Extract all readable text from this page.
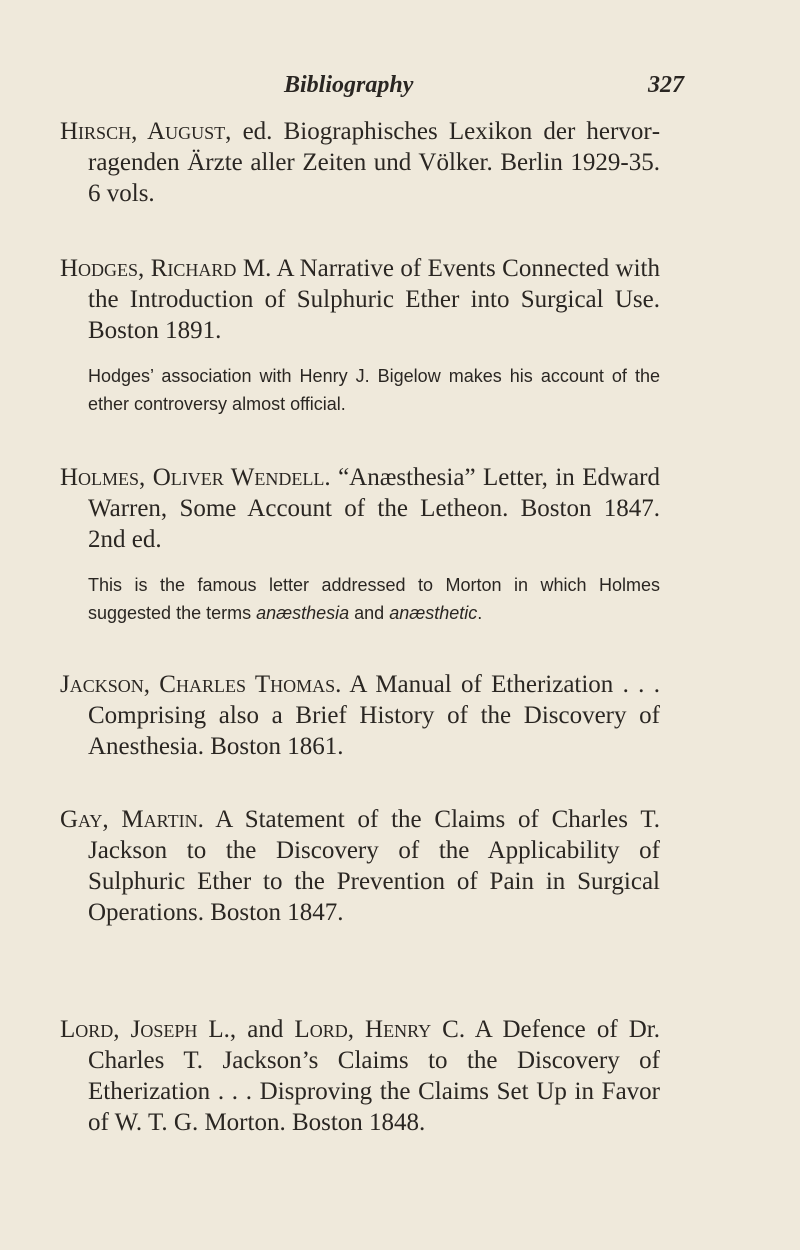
Bibliography	327

Hirsch, August, ed. Biographisches Lexikon der hervorragenden Ärzte aller Zeiten und Völker. Berlin 1929-35. 6 vols.

Hodges, Richard M. A Narrative of Events Connected with the Introduction of Sulphuric Ether into Surgical Use. Boston 1891.

Hodges’ association with Henry J. Bigelow makes his account of the ether controversy almost official.

Holmes, Oliver Wendell. “Anæsthesia” Letter, in Edward Warren, Some Account of the Letheon. Boston 1847. 2nd ed.

This is the famous letter addressed to Morton in which Holmes suggested the terms anæsthesia and anæsthetic.

Jackson, Charles Thomas. A Manual of Etherization . . . Comprising also a Brief History of the Discovery of Anesthesia. Boston 1861.

Gay, Martin. A Statement of the Claims of Charles T. Jackson to the Discovery of the Applicability of Sulphuric Ether to the Prevention of Pain in Surgical Operations. Boston 1847.

Lord, Joseph L., and Lord, Henry C. A Defence of Dr. Charles T. Jackson’s Claims to the Discovery of Etherization . . . Disproving the Claims Set Up in Favor of W. T. G. Morton. Boston 1848.
